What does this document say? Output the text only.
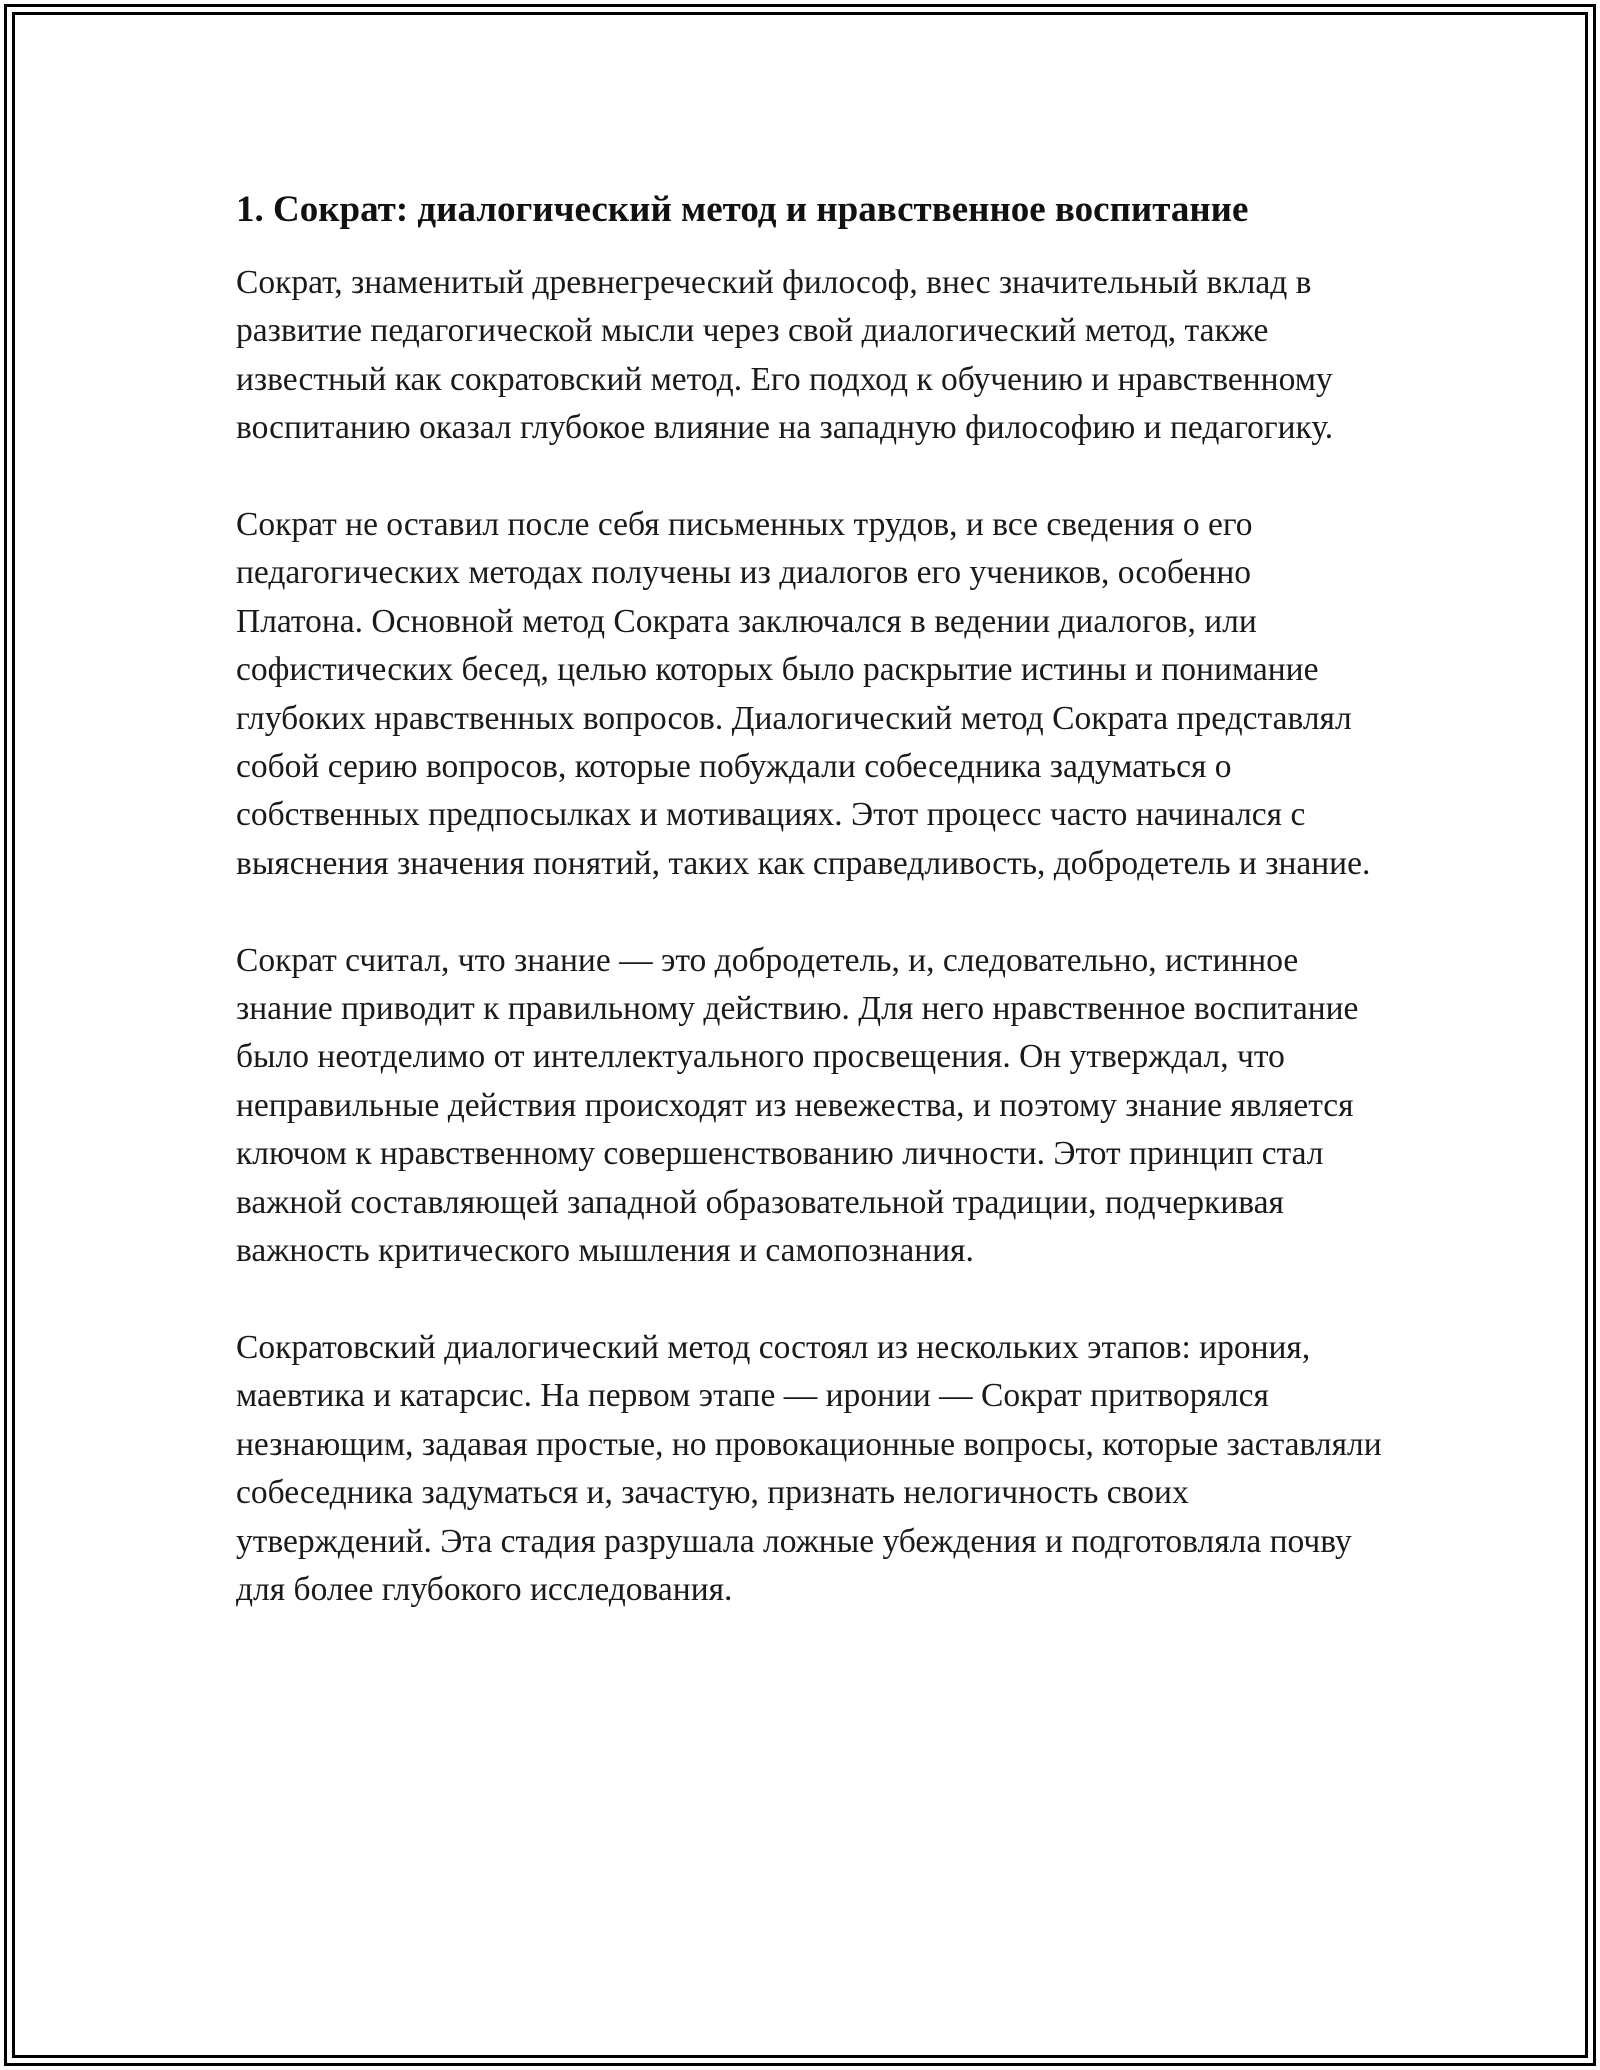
1. Сократ: диалогический метод и нравственное воспитание

Сократ, знаменитый древнегреческий философ, внес значительный вклад в развитие педагогической мысли через свой диалогический метод, также известный как сократовский метод. Его подход к обучению и нравственному воспитанию оказал глубокое влияние на западную философию и педагогику.

Сократ не оставил после себя письменных трудов, и все сведения о его педагогических методах получены из диалогов его учеников, особенно Платона. Основной метод Сократа заключался в ведении диалогов, или софистических бесед, целью которых было раскрытие истины и понимание глубоких нравственных вопросов. Диалогический метод Сократа представлял собой серию вопросов, которые побуждали собеседника задуматься о собственных предпосылках и мотивациях. Этот процесс часто начинался с выяснения значения понятий, таких как справедливость, добродетель и знание.

Сократ считал, что знание — это добродетель, и, следовательно, истинное знание приводит к правильному действию. Для него нравственное воспитание было неотделимо от интеллектуального просвещения. Он утверждал, что неправильные действия происходят из невежества, и поэтому знание является ключом к нравственному совершенствованию личности. Этот принцип стал важной составляющей западной образовательной традиции, подчеркивая важность критического мышления и самопознания.

Сократовский диалогический метод состоял из нескольких этапов: ирония, маевтика и катарсис. На первом этапе — иронии — Сократ притворялся незнающим, задавая простые, но провокационные вопросы, которые заставляли собеседника задуматься и, зачастую, признать нелогичность своих утверждений. Эта стадия разрушала ложные убеждения и подготовляла почву для более глубокого исследования.
